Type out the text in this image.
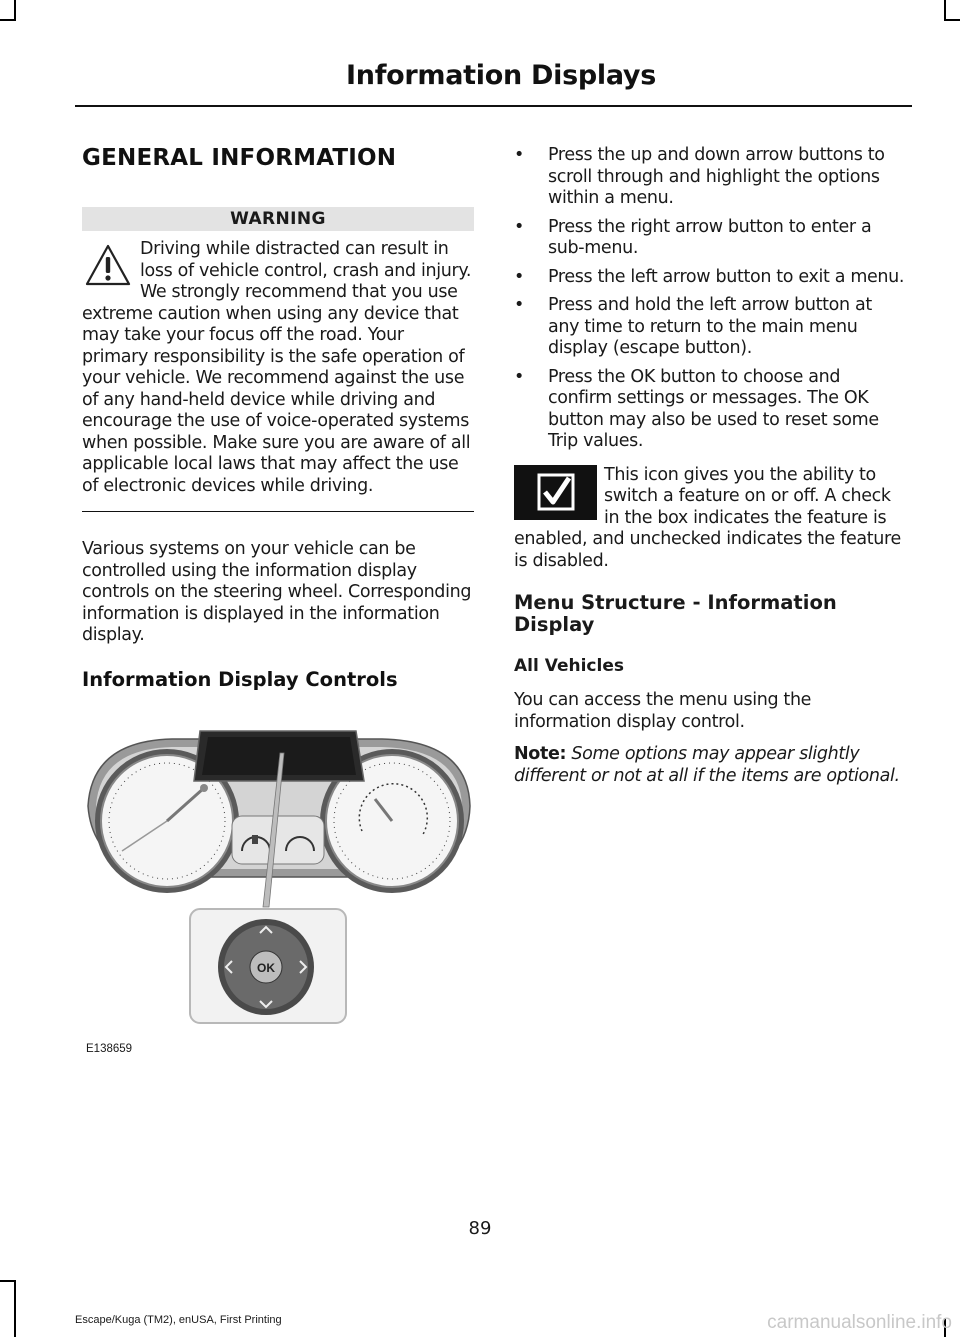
Information Displays
GENERAL INFORMATION
WARNING

Driving while distracted can result in loss of vehicle control, crash and injury. We strongly recommend that you use extreme caution when using any device that may take your focus off the road. Your primary responsibility is the safe operation of your vehicle. We recommend against the use of any hand-held device while driving and encourage the use of voice-operated systems when possible. Make sure you are aware of all applicable local laws that may affect the use of electronic devices while driving.

Various systems on your vehicle can be controlled using the information display controls on the steering wheel. Corresponding information is displayed in the information display.

Information Display Controls
OK
E138659
• Press the up and down arrow buttons to scroll through and highlight the options within a menu.
• Press the right arrow button to enter a sub-menu.
• Press the left arrow button to exit a menu.
• Press and hold the left arrow button at any time to return to the main menu display (escape button).
• Press the OK button to choose and confirm settings or messages. The OK button may also be used to reset some Trip values.

This icon gives you the ability to switch a feature on or off. A check in the box indicates the feature is enabled, and unchecked indicates the feature is disabled.

Menu Structure - Information Display
All Vehicles

You can access the menu using the information display control.

Note: Some options may appear slightly different or not at all if the items are optional.

89
Escape/Kuga (TM2), enUSA, First Printing	carmanualsonline.info
